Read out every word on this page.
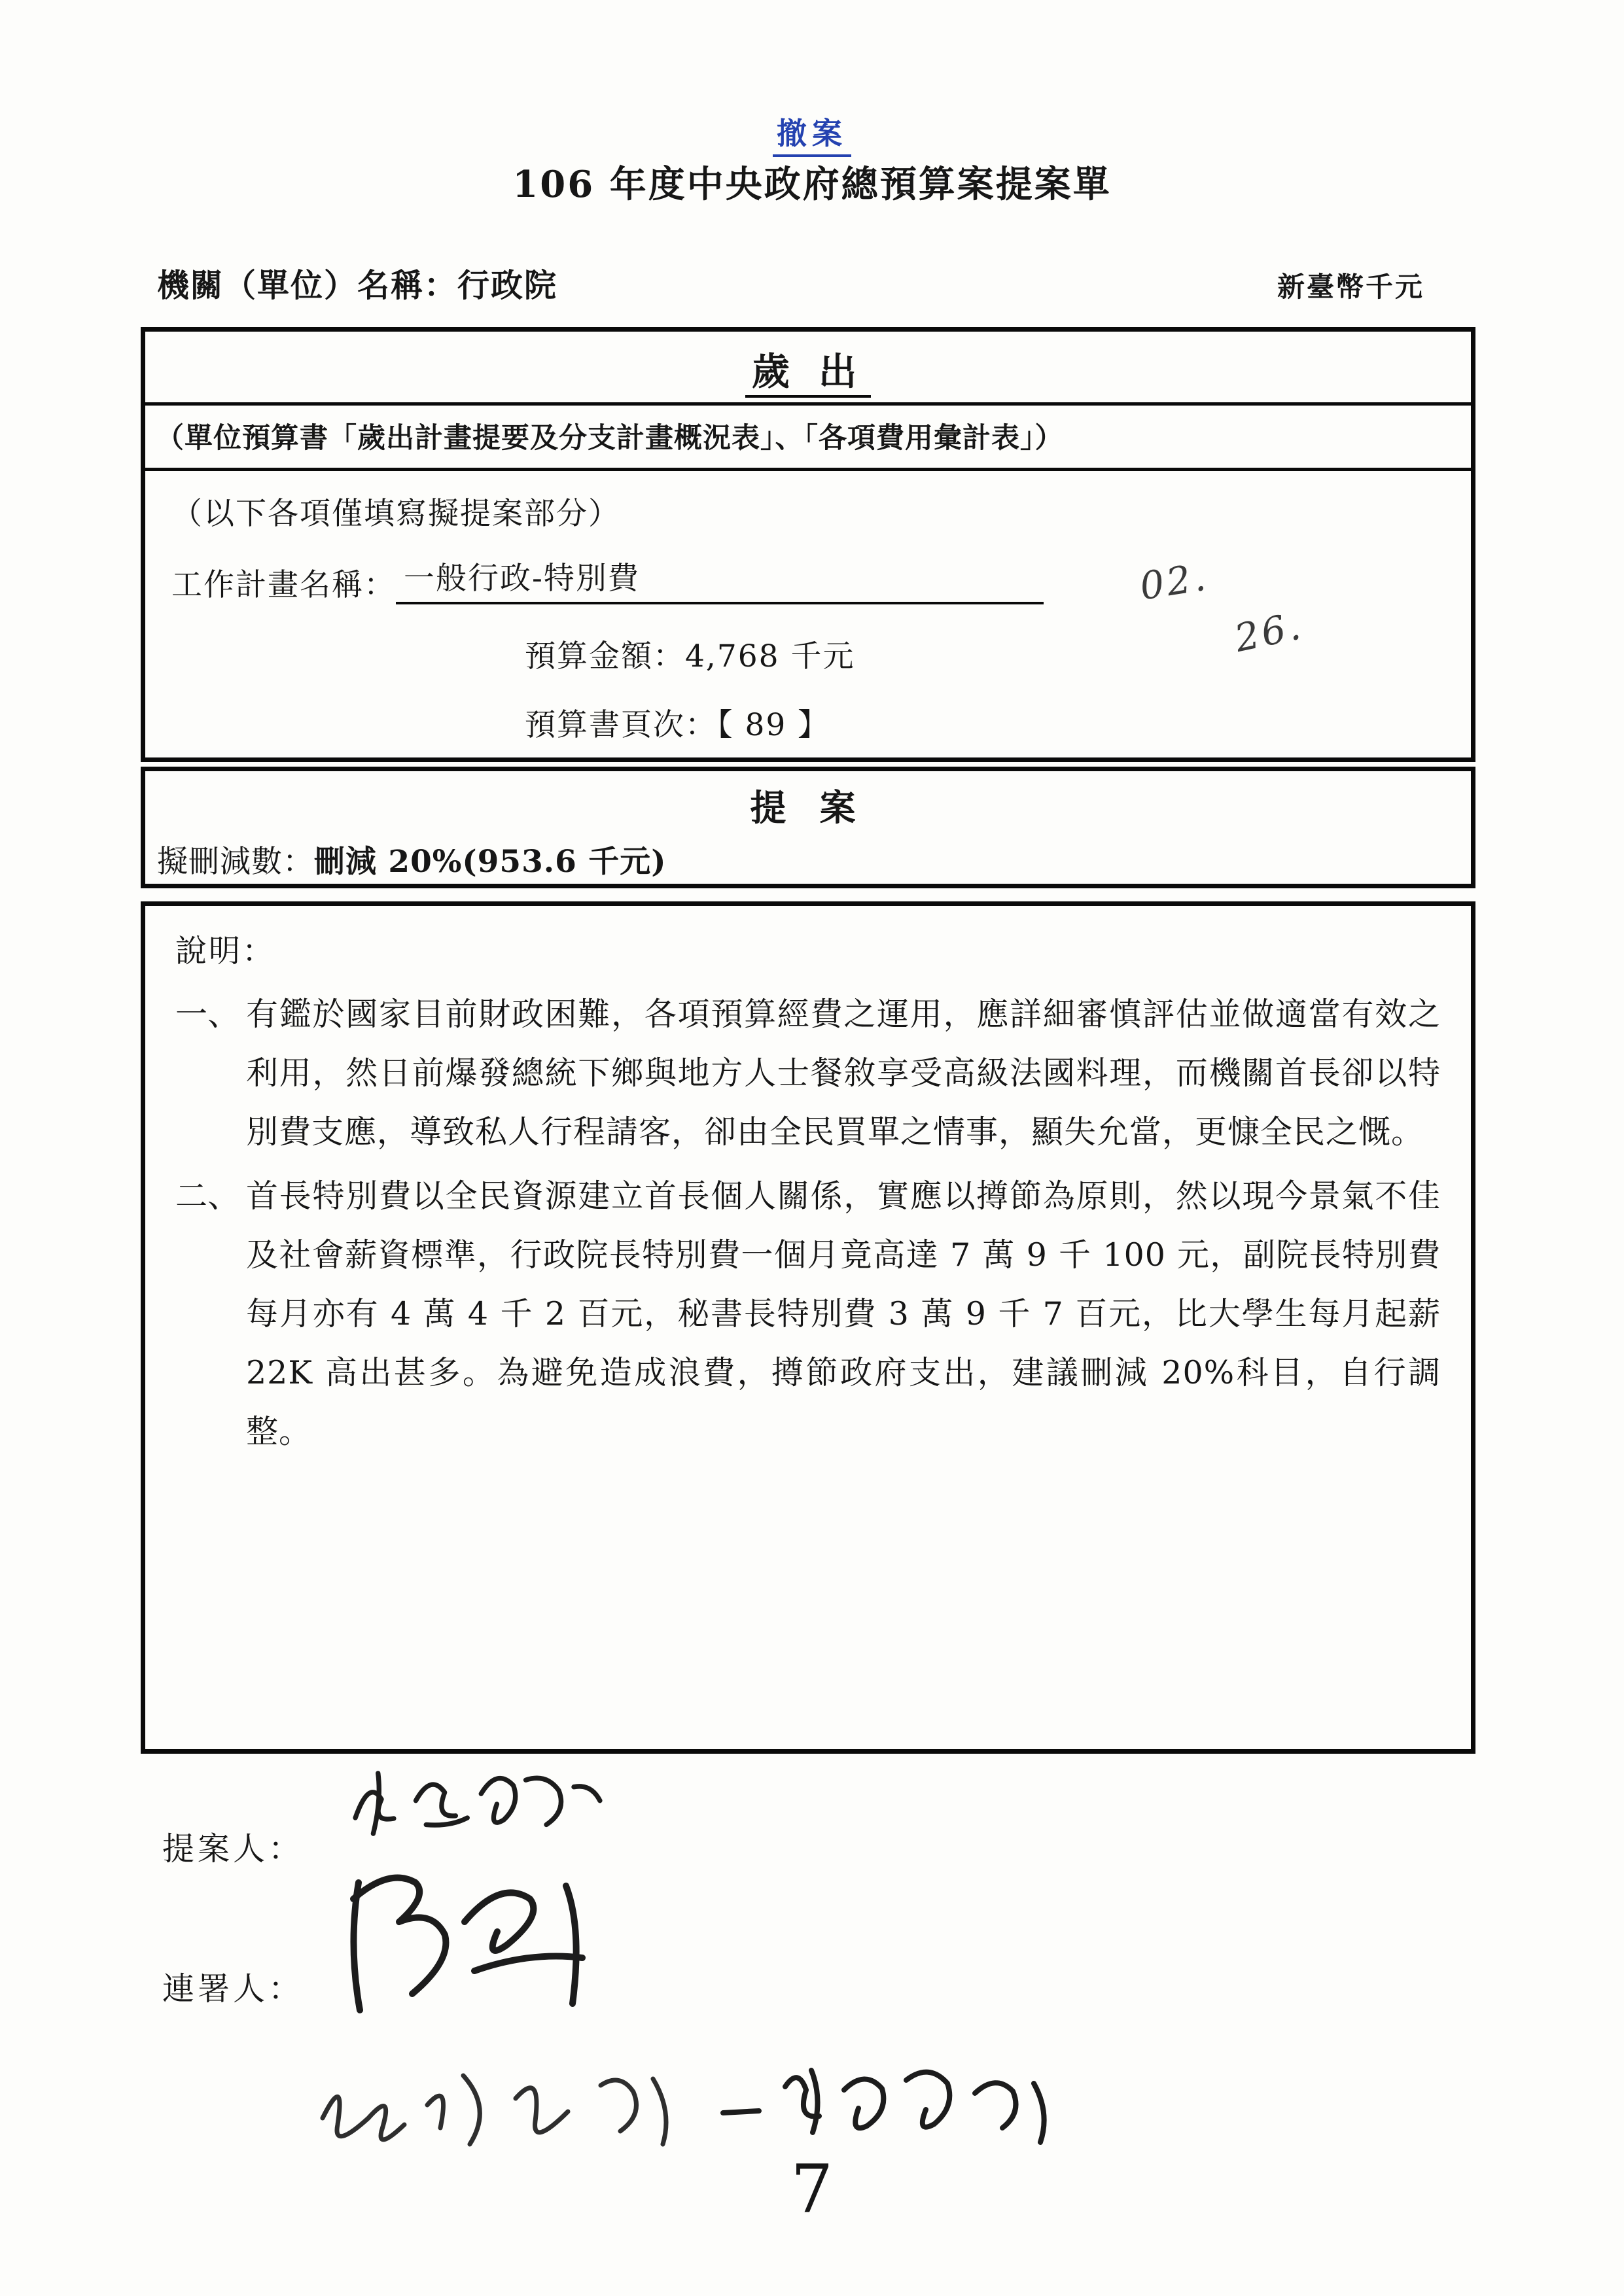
撤案
106 年度中央政府總預算案提案單
機關（單位）名稱：行政院	新臺幣千元
歲 出
（單位預算書「歲出計畫提要及分支計畫概況表」、「各項費用彙計表」）
（以下各項僅填寫擬提案部分）
工作計畫名稱： 一般行政-特別費
預算金額：4,768 千元
預算書頁次：【 89 】
02.
26.
提 案
擬刪減數：刪減 20%(953.6 千元)
說明：
一、 有鑑於國家目前財政困難，各項預算經費之運用，應詳細審慎評估並做適當有效之利用，然日前爆發總統下鄉與地方人士餐敘享受高級法國料理，而機關首長卻以特別費支應，導致私人行程請客，卻由全民買單之情事，顯失允當，更慷全民之慨。
二、 首長特別費以全民資源建立首長個人關係，實應以撙節為原則，然以現今景氣不佳及社會薪資標準，行政院長特別費一個月竟高達 7 萬 9 千 100 元，副院長特別費每月亦有 4 萬 4 千 2 百元，秘書長特別費 3 萬 9 千 7 百元，比大學生每月起薪 22K 高出甚多。為避免造成浪費，撙節政府支出，建議刪減 20%科目，自行調整。
提案人：
連署人：
7
